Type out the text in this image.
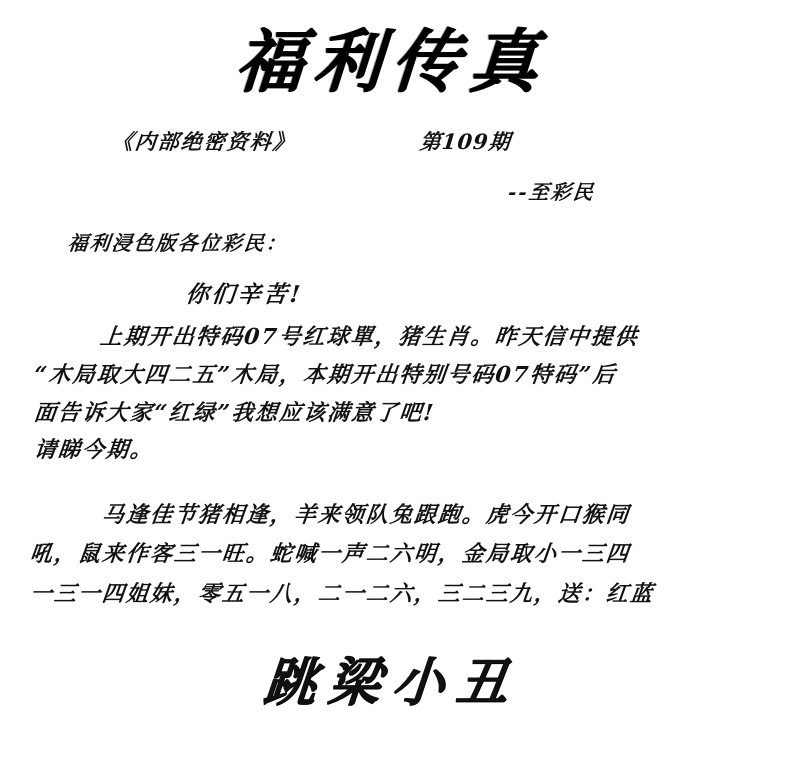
福利传真
《内部绝密资料》	第109期
--至彩民
福利浸色版各位彩民：
你们辛苦!
上期开出特码07号红球單，猪生肖。昨天信中提供
“木局取大四二五”木局，本期开出特别号码07特码”后
面告诉大家“红绿”我想应该满意了吧!
请睇今期。
马逢佳节猪相逢，羊来领队兔跟跑。虎今开口猴同
吼，鼠来作客三一旺。蛇喊一声二六明，金局取小一三四
一三一四姐妹，零五一八，二一二六，三二三九，送：红蓝
跳梁小丑
